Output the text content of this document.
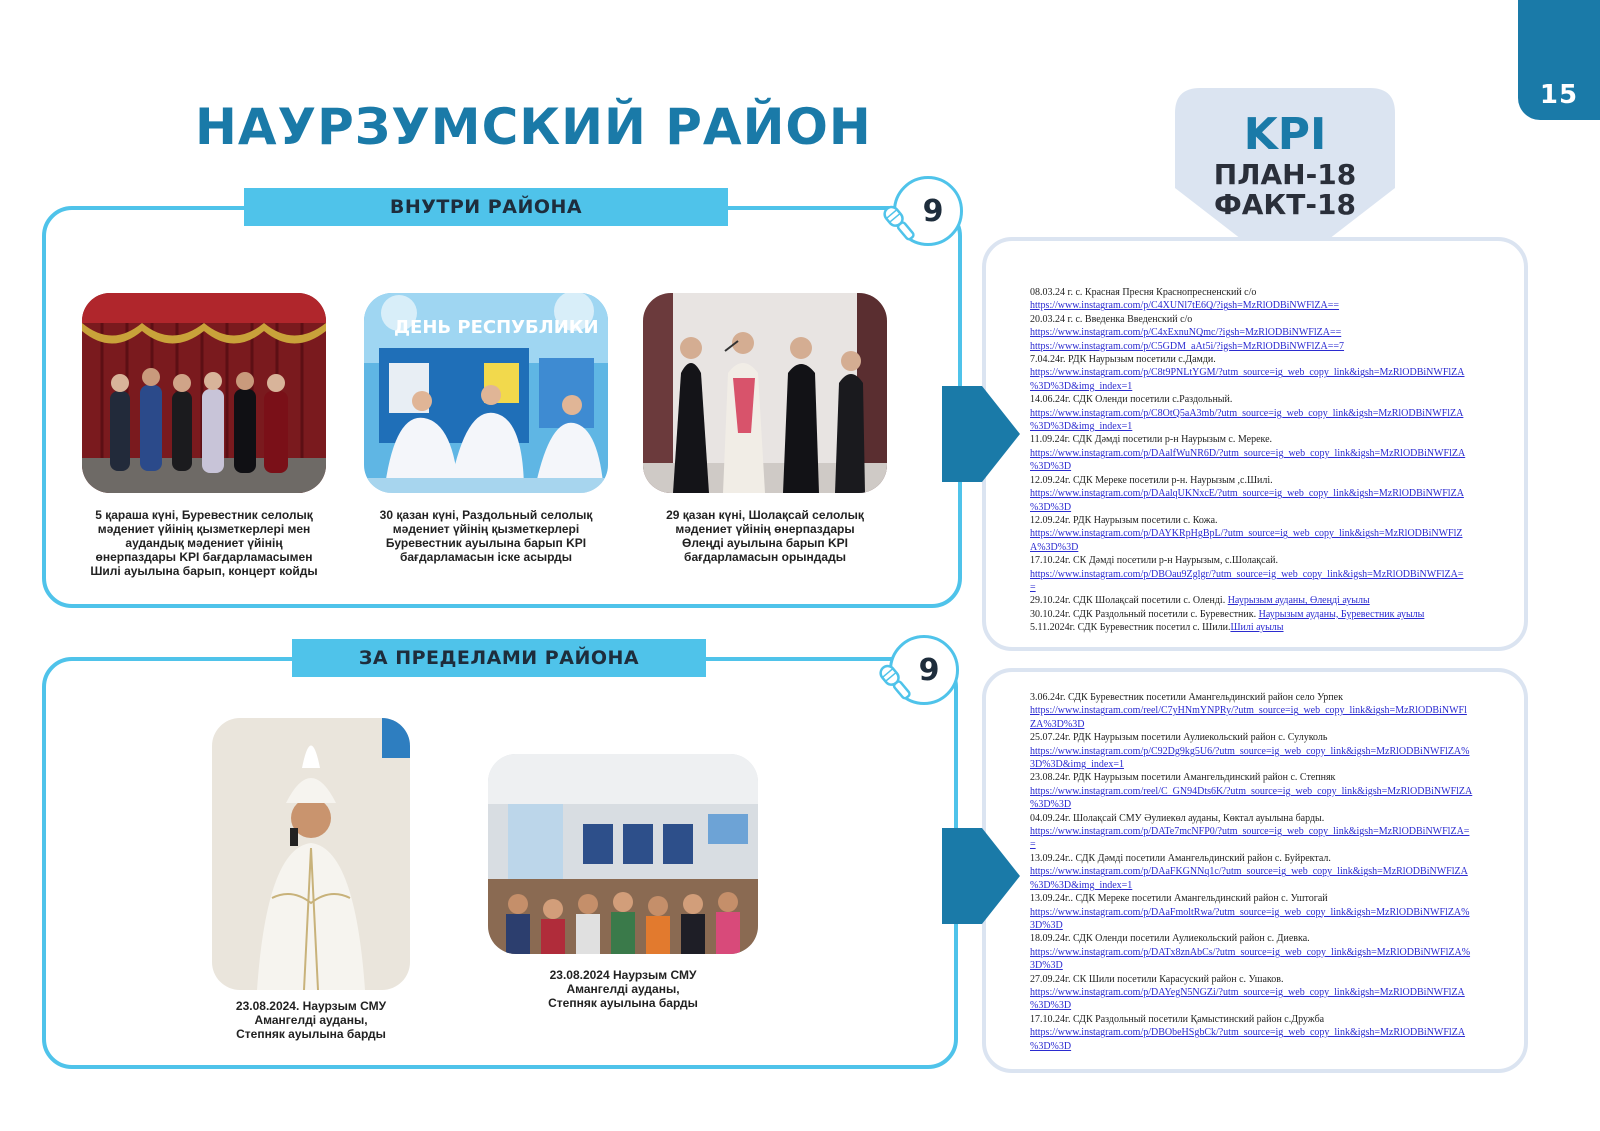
15
НАУРЗУМСКИЙ РАЙОН	KPI
ПЛАН-18
ФАКТ-18
ВНУТРИ РАЙОНА	9
5 қараша күні, Буревестник селолық
мәдениет үйінің қызметкерлері мен
аудандық мәдениет үйінің
өнерпаздары KPI бағдарламасымен
Шилі ауылына барып, концерт койды
ДЕНЬ РЕСПУБЛИКИ
30 қазан күні, Раздольный селолық
мәдениет үйінің қызметкерлері
Буревестник ауылына барып KPI
бағдарламасын іске асырды
29 қазан күні, Шолақсай селолық
мәдениет үйінің өнерпаздары
Өлеңді ауылына барып KPI
бағдарламасын орындады
ЗА ПРЕДЕЛАМИ РАЙОНА	9
23.08.2024. Наурзым СМУ
Амангелді ауданы,
Степняк ауылына барды
23.08.2024 Наурзым СМУ
Амангелді ауданы,
Степняк ауылына барды
08.03.24 г. с. Красная Пресня Краснопресненский с/о
https://www.instagram.com/p/C4XUNl7tE6Q/?igsh=MzRlODBiNWFlZA==
20.03.24 г. с. Введенка Введенский с/о
https://www.instagram.com/p/C4xExnuNQmc/?igsh=MzRlODBiNWFlZA==
https://www.instagram.com/p/C5GDM_aAt5i/?igsh=MzRlODBiNWFlZA==7
7.04.24г. РДК Наурызым посетили с.Дамди.
https://www.instagram.com/p/C8t9PNLtYGM/?utm_source=ig_web_copy_link&igsh=MzRlODBiNWFlZA
%3D%3D&img_index=1
14.06.24г. СДК Оленди посетили с.Раздольный.
https://www.instagram.com/p/C8OtQ5aA3mb/?utm_source=ig_web_copy_link&igsh=MzRlODBiNWFlZA
%3D%3D&img_index=1
11.09.24г. СДК Дәмді посетили р-н Наурызым с. Мереке.
https://www.instagram.com/p/DAalfWuNR6D/?utm_source=ig_web_copy_link&igsh=MzRlODBiNWFlZA
%3D%3D
12.09.24г. СДК Мереке посетили р-н. Наурызым ,с.Шилі.
https://www.instagram.com/p/DAalqUKNxcE/?utm_source=ig_web_copy_link&igsh=MzRlODBiNWFlZA
%3D%3D
12.09.24г. РДК Наурызым посетили с. Кожа.
https://www.instagram.com/p/DAYKRpHgBpL/?utm_source=ig_web_copy_link&igsh=MzRlODBiNWFlZ
A%3D%3D
17.10.24г. СК Дәмді посетили р-н Наурызым, с.Шолақсай.
https://www.instagram.com/p/DBOau9Zglgr/?utm_source=ig_web_copy_link&igsh=MzRlODBiNWFlZA=
=
29.10.24г. СДК Шолақсай посетили с. Оленді. Наурызым ауданы, Өлеңді ауылы
30.10.24г. СДК Раздольный посетили с. Буревестник. Наурызым ауданы, Буревестник ауылы
5.11.2024г. СДК Буревестник посетил с. Шили.Шилі ауылы
3.06.24г. СДК Буревестник посетили Амангельдинский район село Урпек
https://www.instagram.com/reel/C7yHNmYNPRy/?utm_source=ig_web_copy_link&igsh=MzRlODBiNWFl
ZA%3D%3D
25.07.24г. РДК Наурызым посетили Аулиекольский район с. Сулуколь
https://www.instagram.com/p/C92Dg9kg5U6/?utm_source=ig_web_copy_link&igsh=MzRlODBiNWFlZA%
3D%3D&img_index=1
23.08.24г. РДК Наурызым посетили Амангельдинский район с. Степняк
https://www.instagram.com/reel/C_GN94Dts6K/?utm_source=ig_web_copy_link&igsh=MzRlODBiNWFlZA
%3D%3D
04.09.24г. Шолақсай СМУ Әулиекөл ауданы, Көктал ауылына барды.
https://www.instagram.com/p/DATe7mcNFP0/?utm_source=ig_web_copy_link&igsh=MzRlODBiNWFlZA=
=
13.09.24г.. СДК Дәмді посетили Амангельдинский район с. Буйректал.
https://www.instagram.com/p/DAaFKGNNq1c/?utm_source=ig_web_copy_link&igsh=MzRlODBiNWFlZA
%3D%3D&img_index=1
13.09.24г.. СДК Мереке посетили Амангельдинский район с. Уштогай
https://www.instagram.com/p/DAaFmoltRwa/?utm_source=ig_web_copy_link&igsh=MzRlODBiNWFlZA%
3D%3D
18.09.24г. СДК Оленди посетили Аулиекольский район с. Диевка.
https://www.instagram.com/p/DATx8znAbCs/?utm_source=ig_web_copy_link&igsh=MzRlODBiNWFlZA%
3D%3D
27.09.24г. СК Шили посетили Карасуский район с. Ушаков.
https://www.instagram.com/p/DAYegN5NGZi/?utm_source=ig_web_copy_link&igsh=MzRlODBiNWFlZA
%3D%3D
17.10.24г. СДК Раздольный посетили Қамыстинский район с.Дружба
https://www.instagram.com/p/DBObeHSgbCk/?utm_source=ig_web_copy_link&igsh=MzRlODBiNWFlZA
%3D%3D
